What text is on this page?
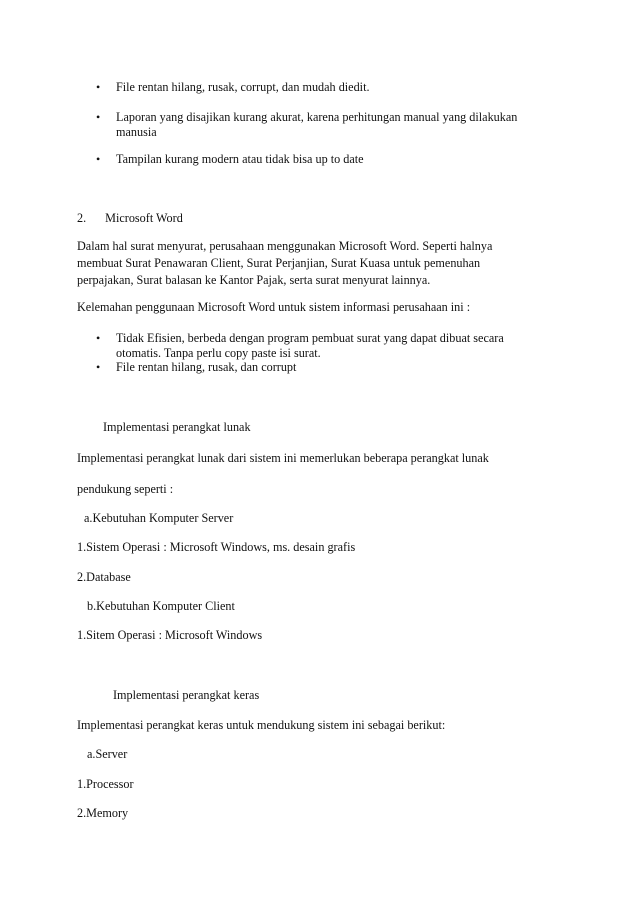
•	File rentan hilang, rusak, corrupt, dan mudah diedit.
•	Laporan yang disajikan kurang akurat, karena perhitungan manual yang dilakukan
manusia
•	Tampilan kurang modern atau tidak bisa up to date
2. Microsoft Word
Dalam hal surat menyurat, perusahaan menggunakan Microsoft Word. Seperti halnya
membuat Surat Penawaran Client, Surat Perjanjian, Surat Kuasa untuk pemenuhan
perpajakan, Surat balasan ke Kantor Pajak, serta surat menyurat lainnya.
Kelemahan penggunaan Microsoft Word untuk sistem informasi perusahaan ini :
•	Tidak Efisien, berbeda dengan program pembuat surat yang dapat dibuat secara
otomatis. Tanpa perlu copy paste isi surat.
•	File rentan hilang, rusak, dan corrupt
Implementasi perangkat lunak
Implementasi perangkat lunak dari sistem ini memerlukan beberapa perangkat lunak
pendukung seperti :
a.Kebutuhan Komputer Server
1.Sistem Operasi : Microsoft Windows, ms. desain grafis
2.Database
b.Kebutuhan Komputer Client
1.Sitem Operasi : Microsoft Windows
Implementasi perangkat keras
Implementasi perangkat keras untuk mendukung sistem ini sebagai berikut:
a.Server
1.Processor
2.Memory
